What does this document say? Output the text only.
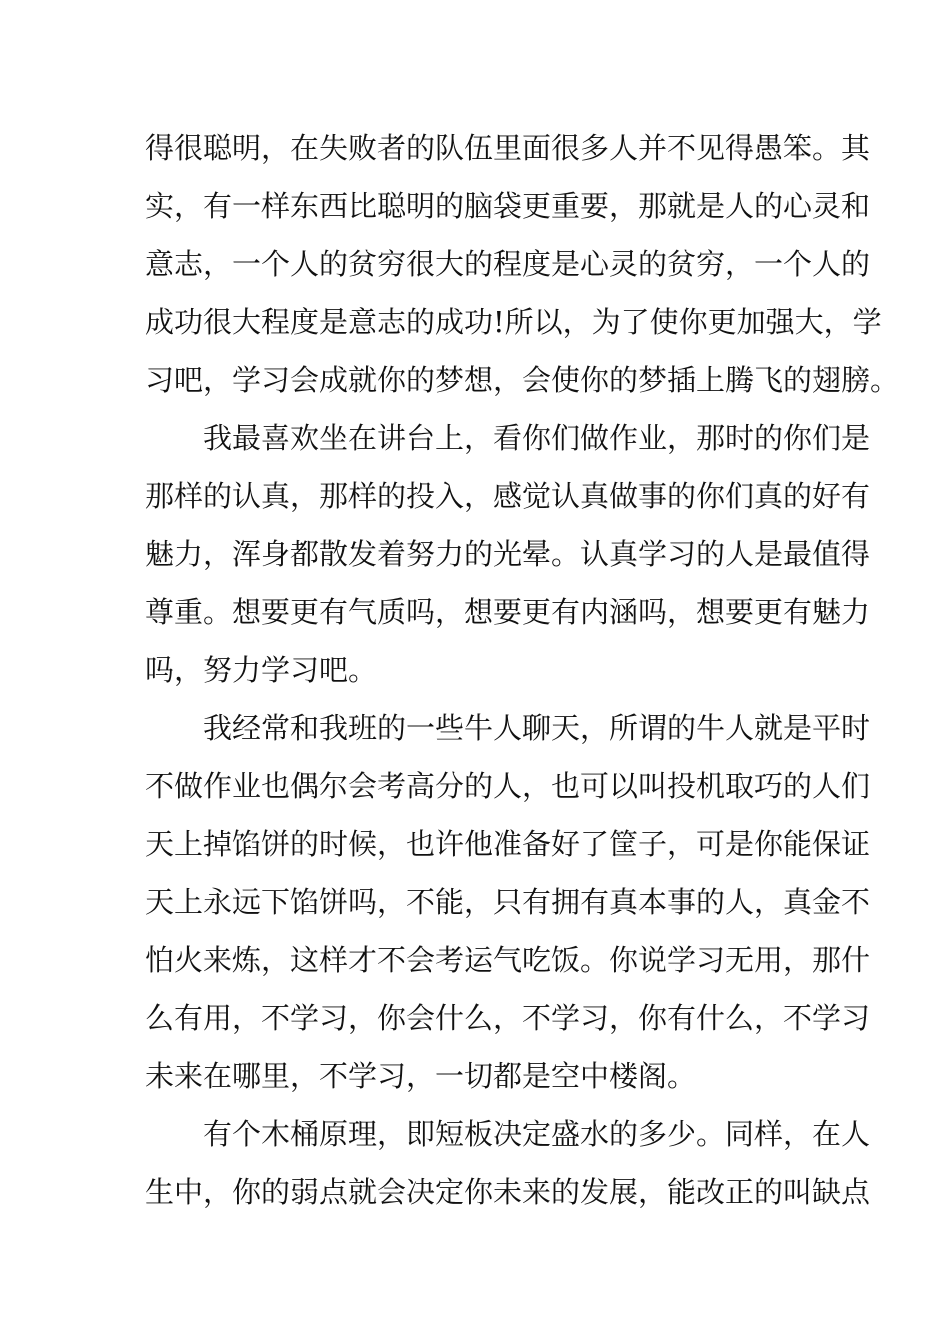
得很聪明，在失败者的队伍里面很多人并不见得愚笨。其
实，有一样东西比聪明的脑袋更重要，那就是人的心灵和
意志，一个人的贫穷很大的程度是心灵的贫穷，一个人的
成功很大程度是意志的成功!所以，为了使你更加强大，学
习吧，学习会成就你的梦想，会使你的梦插上腾飞的翅膀。
我最喜欢坐在讲台上，看你们做作业，那时的你们是
那样的认真，那样的投入，感觉认真做事的你们真的好有
魅力，浑身都散发着努力的光晕。认真学习的人是最值得
尊重。想要更有气质吗，想要更有内涵吗，想要更有魅力
吗，努力学习吧。
我经常和我班的一些牛人聊天，所谓的牛人就是平时
不做作业也偶尔会考高分的人，也可以叫投机取巧的人们
天上掉馅饼的时候，也许他准备好了筐子，可是你能保证
天上永远下馅饼吗，不能，只有拥有真本事的人，真金不
怕火来炼，这样才不会考运气吃饭。你说学习无用，那什
么有用，不学习，你会什么，不学习，你有什么，不学习
未来在哪里，不学习，一切都是空中楼阁。
有个木桶原理，即短板决定盛水的多少。同样，在人
生中，你的弱点就会决定你未来的发展，能改正的叫缺点
